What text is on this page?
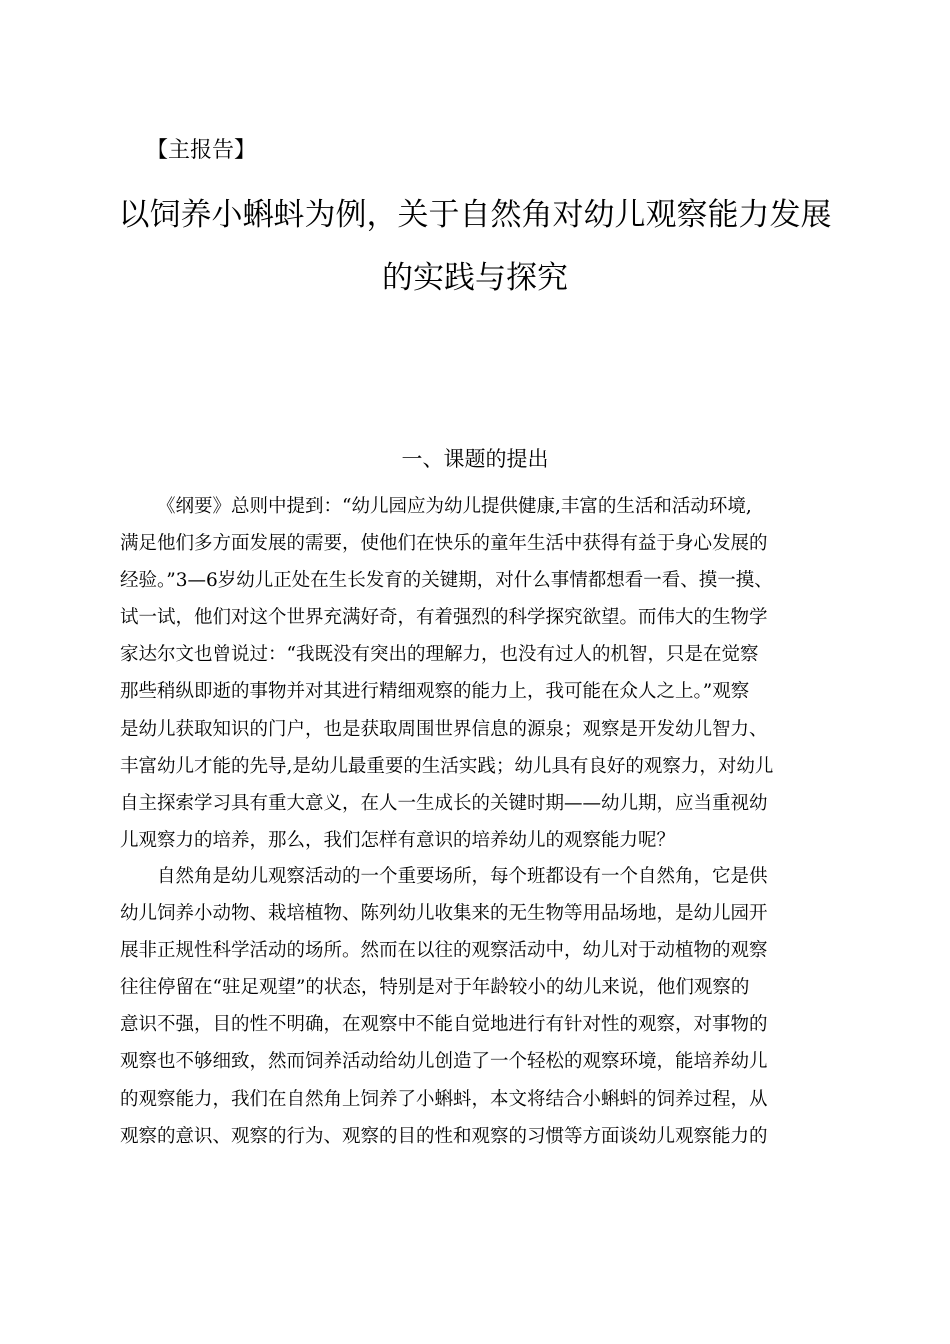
【主报告】
以饲养小蝌蚪为例，关于自然角对幼儿观察能力发展
的实践与探究
一、课题的提出
《纲要》总则中提到：“幼儿园应为幼儿提供健康,丰富的生活和活动环境,
满足他们多方面发展的需要，使他们在快乐的童年生活中获得有益于身心发展的
经验。”3—6岁幼儿正处在生长发育的关键期，对什么事情都想看一看、摸一摸、
试一试，他们对这个世界充满好奇，有着强烈的科学探究欲望。而伟大的生物学
家达尔文也曾说过：“我既没有突出的理解力，也没有过人的机智，只是在觉察
那些稍纵即逝的事物并对其进行精细观察的能力上，我可能在众人之上。”观察
是幼儿获取知识的门户，也是获取周围世界信息的源泉；观察是开发幼儿智力、
丰富幼儿才能的先导,是幼儿最重要的生活实践；幼儿具有良好的观察力，对幼儿
自主探索学习具有重大意义，在人一生成长的关键时期——幼儿期，应当重视幼
儿观察力的培养，那么，我们怎样有意识的培养幼儿的观察能力呢？
自然角是幼儿观察活动的一个重要场所，每个班都设有一个自然角，它是供
幼儿饲养小动物、栽培植物、陈列幼儿收集来的无生物等用品场地，是幼儿园开
展非正规性科学活动的场所。然而在以往的观察活动中，幼儿对于动植物的观察
往往停留在“驻足观望”的状态，特别是对于年龄较小的幼儿来说，他们观察的
意识不强，目的性不明确，在观察中不能自觉地进行有针对性的观察，对事物的
观察也不够细致，然而饲养活动给幼儿创造了一个轻松的观察环境，能培养幼儿
的观察能力，我们在自然角上饲养了小蝌蚪，本文将结合小蝌蚪的饲养过程，从
观察的意识、观察的行为、观察的目的性和观察的习惯等方面谈幼儿观察能力的
